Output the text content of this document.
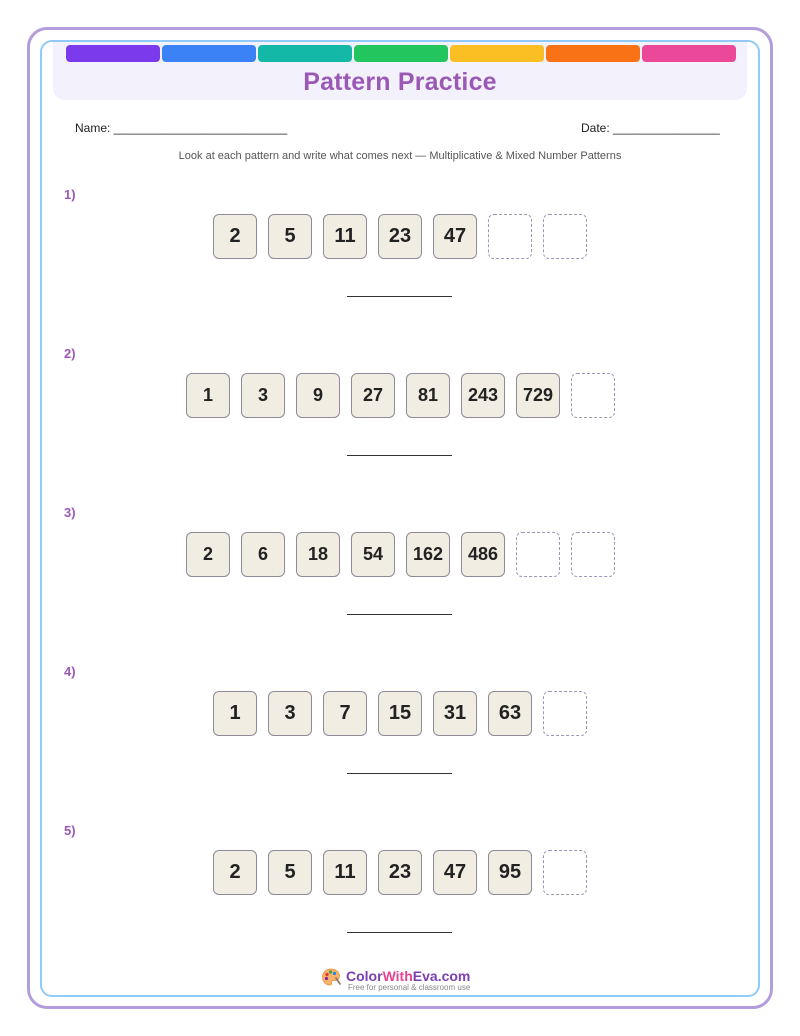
Pattern Practice
Name: __________________________	Date: ________________
Look at each pattern and write what comes next — Multiplicative & Mixed Number Patterns
1)
2	5	11	23	47
2)
1	3	9	27	81	243	729
3)
2	6	18	54	162	486
4)
1	3	7	15	31	63
5)
2	5	11	23	47	95
ColorWithEva.com
Free for personal & classroom use
